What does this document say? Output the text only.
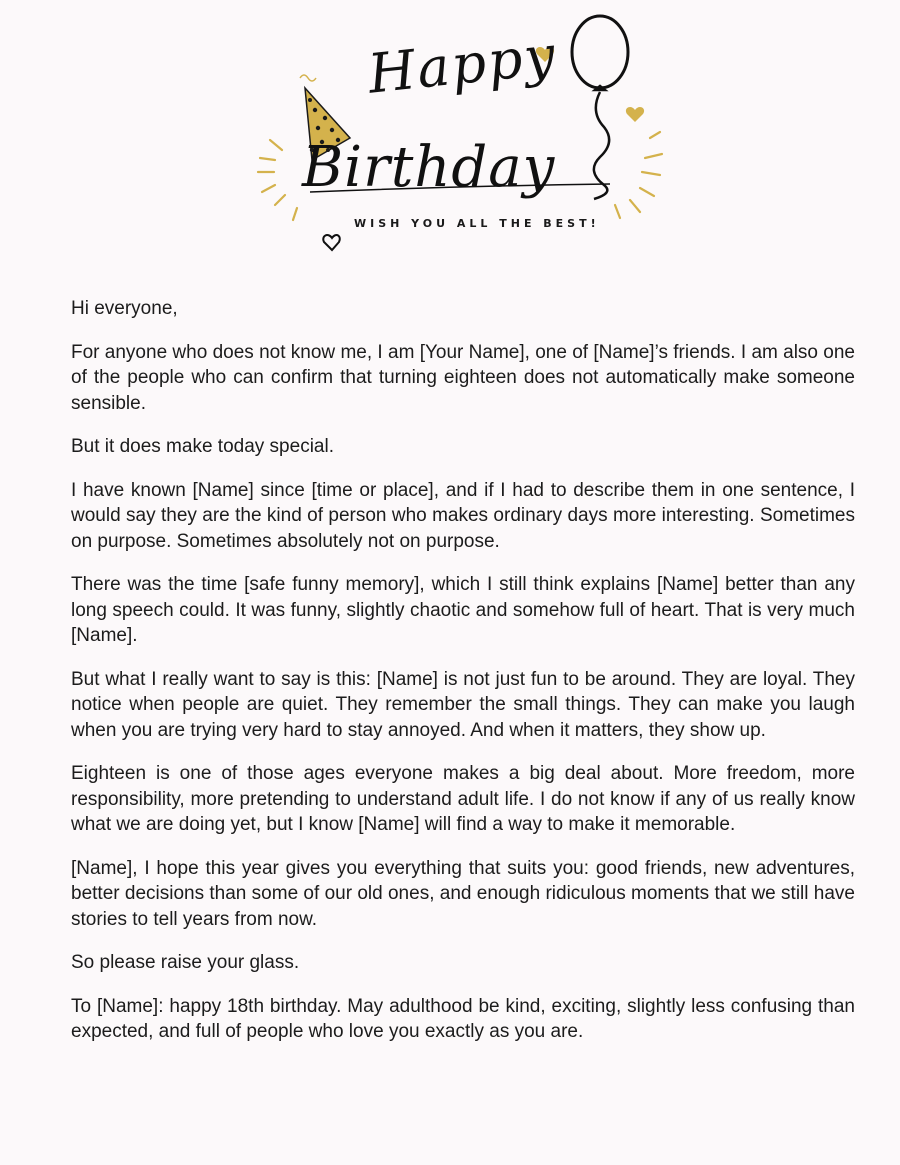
Happy
Birthday
WISH YOU ALL THE BEST!

Hi everyone,

For anyone who does not know me, I am [Your Name], one of [Name]’s friends. I am also one of the people who can confirm that turning eighteen does not automatically make someone sensible.

But it does make today special.

I have known [Name] since [time or place], and if I had to describe them in one sentence, I would say they are the kind of person who makes ordinary days more interesting. Sometimes on purpose. Sometimes absolutely not on purpose.

There was the time [safe funny memory], which I still think explains [Name] better than any long speech could. It was funny, slightly chaotic and somehow full of heart. That is very much [Name].

But what I really want to say is this: [Name] is not just fun to be around. They are loyal. They notice when people are quiet. They remember the small things. They can make you laugh when you are trying very hard to stay annoyed. And when it matters, they show up.

Eighteen is one of those ages everyone makes a big deal about. More freedom, more responsibility, more pretending to understand adult life. I do not know if any of us really know what we are doing yet, but I know [Name] will find a way to make it memorable.

[Name], I hope this year gives you everything that suits you: good friends, new adventures, better decisions than some of our old ones, and enough ridiculous moments that we still have stories to tell years from now.

So please raise your glass.

To [Name]: happy 18th birthday. May adulthood be kind, exciting, slightly less confusing than expected, and full of people who love you exactly as you are.
